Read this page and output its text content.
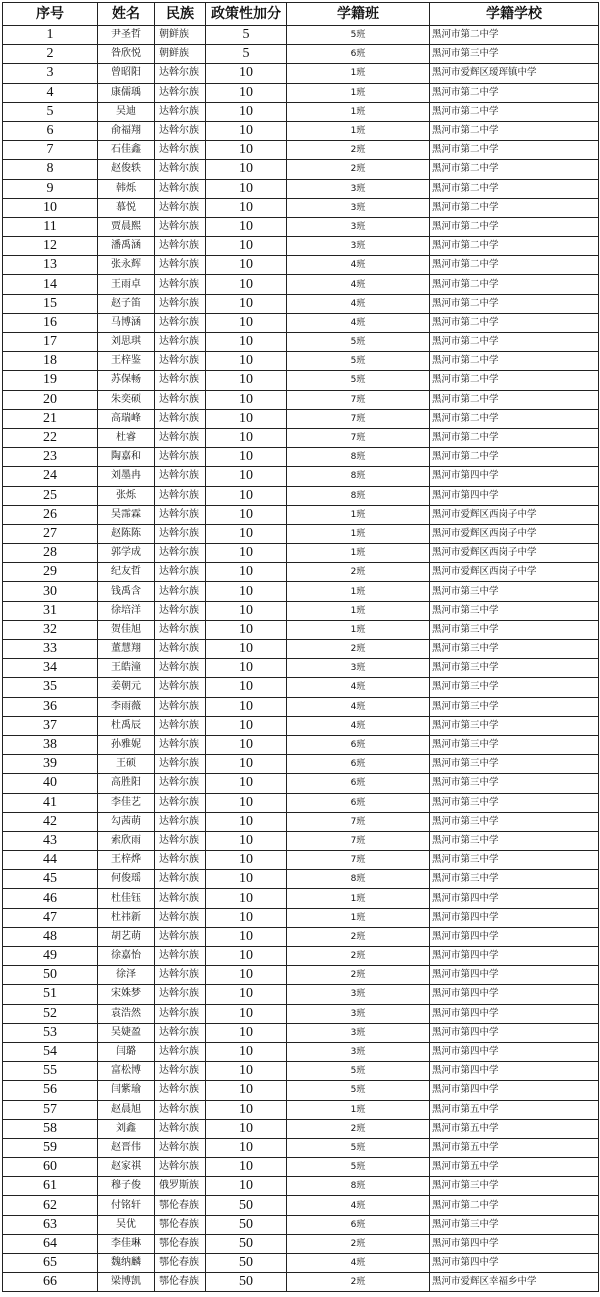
序号	姓名	民族	政策性加分	学籍班	学籍学校
1	尹圣哲	朝鲜族	5	5班	黑河市第二中学
2	昝欣悦	朝鲜族	5	6班	黑河市第三中学
3	曾昭阳	达斡尔族	10	1班	黑河市爱辉区瑷珲镇中学
4	康儒瑀	达斡尔族	10	1班	黑河市第二中学
5	吴迪	达斡尔族	10	1班	黑河市第二中学
6	俞福翔	达斡尔族	10	1班	黑河市第二中学
7	石佳鑫	达斡尔族	10	2班	黑河市第二中学
8	赵俊轶	达斡尔族	10	2班	黑河市第二中学
9	韩烁	达斡尔族	10	3班	黑河市第二中学
10	慕悦	达斡尔族	10	3班	黑河市第二中学
11	贾晨熙	达斡尔族	10	3班	黑河市第二中学
12	潘禹涵	达斡尔族	10	3班	黑河市第二中学
13	张永辉	达斡尔族	10	4班	黑河市第二中学
14	王雨卓	达斡尔族	10	4班	黑河市第二中学
15	赵子笛	达斡尔族	10	4班	黑河市第二中学
16	马博涵	达斡尔族	10	4班	黑河市第二中学
17	刘思琪	达斡尔族	10	5班	黑河市第二中学
18	王梓鉴	达斡尔族	10	5班	黑河市第二中学
19	苏保畅	达斡尔族	10	5班	黑河市第二中学
20	朱奕硕	达斡尔族	10	7班	黑河市第二中学
21	高瑞峰	达斡尔族	10	7班	黑河市第二中学
22	杜睿	达斡尔族	10	7班	黑河市第二中学
23	陶嘉和	达斡尔族	10	8班	黑河市第二中学
24	刘墨冉	达斡尔族	10	8班	黑河市第四中学
25	张烁	达斡尔族	10	8班	黑河市第四中学
26	吴霈霖	达斡尔族	10	1班	黑河市爱辉区西岗子中学
27	赵陈陈	达斡尔族	10	1班	黑河市爱辉区西岗子中学
28	郭学成	达斡尔族	10	1班	黑河市爱辉区西岗子中学
29	纪友哲	达斡尔族	10	2班	黑河市爱辉区西岗子中学
30	钱禹含	达斡尔族	10	1班	黑河市第三中学
31	徐培洋	达斡尔族	10	1班	黑河市第三中学
32	贺佳旭	达斡尔族	10	1班	黑河市第三中学
33	董慧翔	达斡尔族	10	2班	黑河市第三中学
34	王皓潼	达斡尔族	10	3班	黑河市第三中学
35	姜朝元	达斡尔族	10	4班	黑河市第三中学
36	李雨薇	达斡尔族	10	4班	黑河市第三中学
37	杜禹辰	达斡尔族	10	4班	黑河市第三中学
38	孙雅妮	达斡尔族	10	6班	黑河市第三中学
39	王硕	达斡尔族	10	6班	黑河市第三中学
40	高胜阳	达斡尔族	10	6班	黑河市第三中学
41	李佳艺	达斡尔族	10	6班	黑河市第三中学
42	勾茜萌	达斡尔族	10	7班	黑河市第三中学
43	索欣雨	达斡尔族	10	7班	黑河市第三中学
44	王梓烨	达斡尔族	10	7班	黑河市第三中学
45	何俊瑶	达斡尔族	10	8班	黑河市第三中学
46	杜佳钰	达斡尔族	10	1班	黑河市第四中学
47	杜祎新	达斡尔族	10	1班	黑河市第四中学
48	胡艺萌	达斡尔族	10	2班	黑河市第四中学
49	徐嘉怡	达斡尔族	10	2班	黑河市第四中学
50	徐泽	达斡尔族	10	2班	黑河市第四中学
51	宋姝梦	达斡尔族	10	3班	黑河市第四中学
52	袁浩然	达斡尔族	10	3班	黑河市第四中学
53	吴婕盈	达斡尔族	10	3班	黑河市第四中学
54	闫璐	达斡尔族	10	3班	黑河市第四中学
55	富松博	达斡尔族	10	5班	黑河市第四中学
56	闫紫瑜	达斡尔族	10	5班	黑河市第四中学
57	赵晨旭	达斡尔族	10	1班	黑河市第五中学
58	刘鑫	达斡尔族	10	2班	黑河市第五中学
59	赵晋伟	达斡尔族	10	5班	黑河市第五中学
60	赵家祺	达斡尔族	10	5班	黑河市第五中学
61	穆子俊	俄罗斯族	10	8班	黑河市第三中学
62	付铭轩	鄂伦春族	50	4班	黑河市第二中学
63	吴优	鄂伦春族	50	6班	黑河市第三中学
64	李佳琳	鄂伦春族	50	2班	黑河市第四中学
65	魏纳麟	鄂伦春族	50	4班	黑河市第四中学
66	梁博凯	鄂伦春族	50	2班	黑河市爱辉区幸福乡中学
